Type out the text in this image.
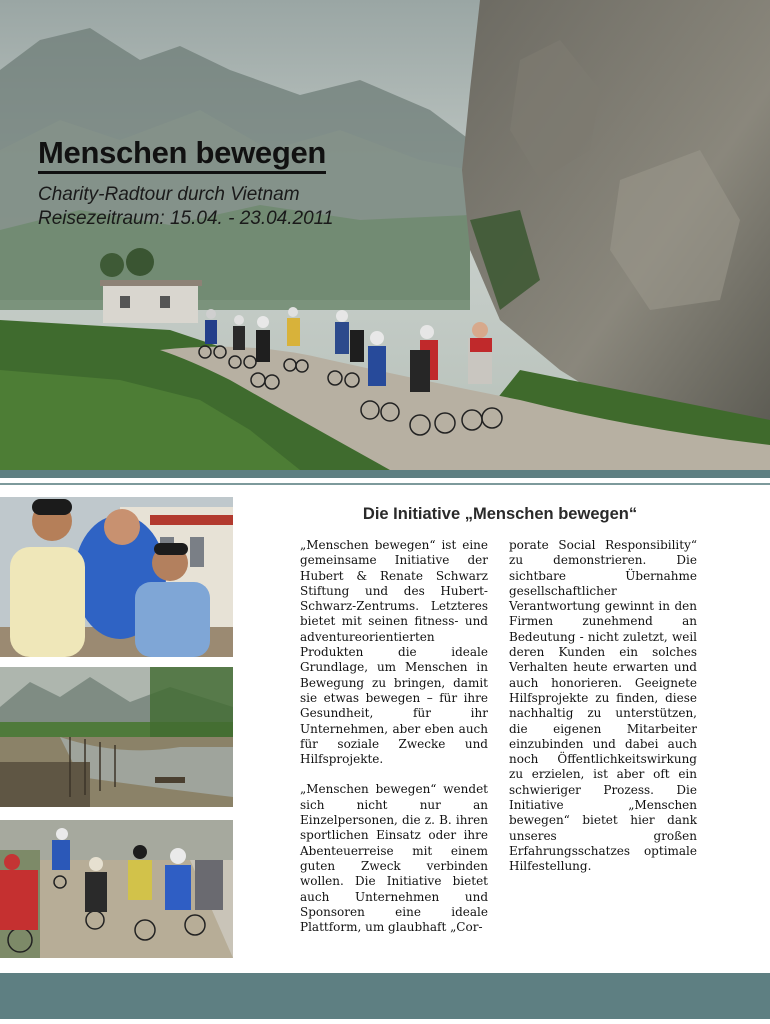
Menschen bewegen

Charity-Radtour durch Vietnam

Reisezeitraum: 15.04. - 23.04.2011

Die Initiative „Menschen bewegen“

„Menschen bewegen“ ist eine gemeinsame Initiative der Hubert & Renate Schwarz Stiftung und des Hubert-Schwarz-Zentrums. Letzteres bietet mit seinen fitness- und adventureorientierten Produkten die ideale Grundlage, um Menschen in Bewegung zu bringen, damit sie etwas bewegen – für ihre Gesundheit, für ihr Unternehmen, aber eben auch für soziale Zwecke und Hilfsprojekte.

„Menschen bewegen“ wendet sich nicht nur an Einzelpersonen, die z. B. ihren sportlichen Einsatz oder ihre Abenteuerreise mit einem guten Zweck verbinden wollen. Die Initiative bietet auch Unternehmen und Sponsoren eine ideale Plattform, um glaubhaft „Cor-

porate Social Responsibility“ zu demonstrieren. Die sichtbare Übernahme gesellschaftlicher Verantwortung gewinnt in den Firmen zunehmend an Bedeutung - nicht zuletzt, weil deren Kunden ein solches Verhalten heute erwarten und auch honorieren. Geeignete Hilfsprojekte zu finden, diese nachhaltig zu unterstützen, die eigenen Mitarbeiter einzubinden und dabei auch noch Öffentlichkeitswirkung zu erzielen, ist aber oft ein schwieriger Prozess. Die Initiative „Menschen bewegen“ bietet hier dank unseres großen Erfahrungsschatzes optimale Hilfestellung.
